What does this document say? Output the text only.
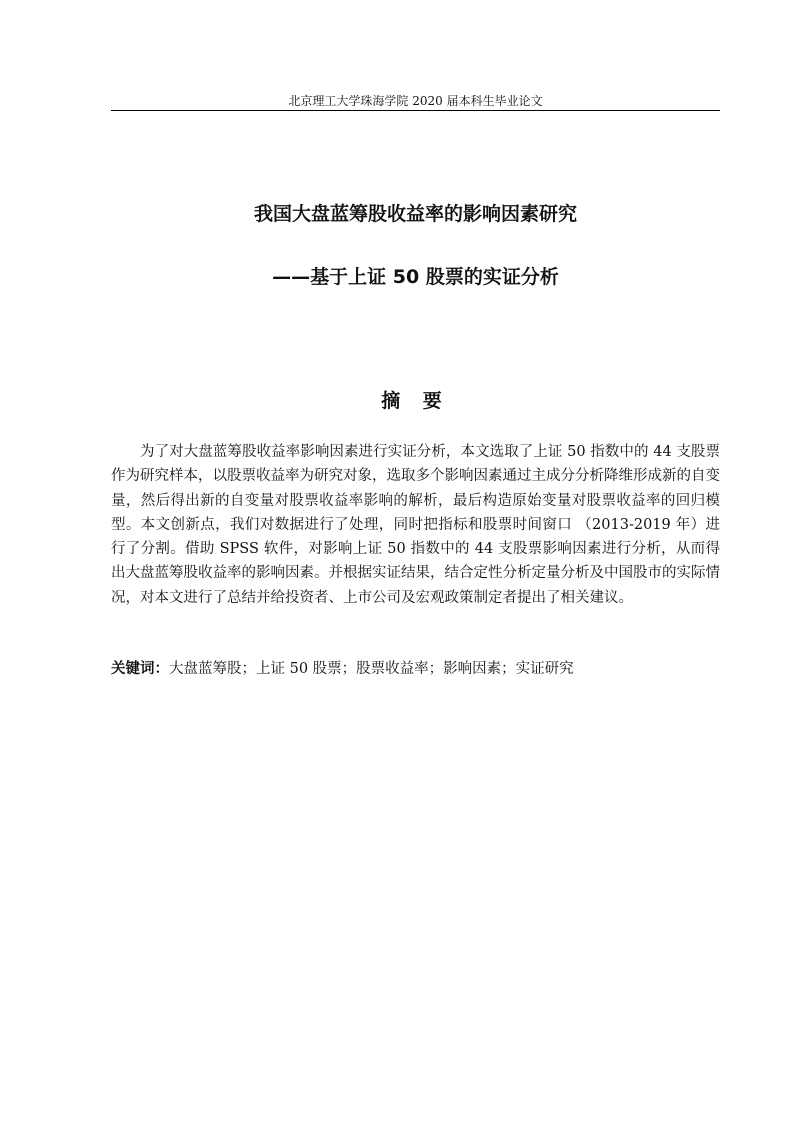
北京理工大学珠海学院 2020 届本科生毕业论文
我国大盘蓝筹股收益率的影响因素研究
——基于上证 50 股票的实证分析
摘 要

为了对大盘蓝筹股收益率影响因素进行实证分析，本文选取了上证 50 指数中的 44 支股票作为研究样本，以股票收益率为研究对象，选取多个影响因素通过主成分分析降维形成新的自变量，然后得出新的自变量对股票收益率影响的解析，最后构造原始变量对股票收益率的回归模型。本文创新点，我们对数据进行了处理，同时把指标和股票时间窗口 （2013-2019 年）进行了分割。借助 SPSS 软件，对影响上证 50 指数中的 44 支股票影响因素进行分析，从而得出大盘蓝筹股收益率的影响因素。并根据实证结果，结合定性分析定量分析及中国股市的实际情况，对本文进行了总结并给投资者、上市公司及宏观政策制定者提出了相关建议。

关键词：大盘蓝筹股；上证 50 股票；股票收益率；影响因素；实证研究
